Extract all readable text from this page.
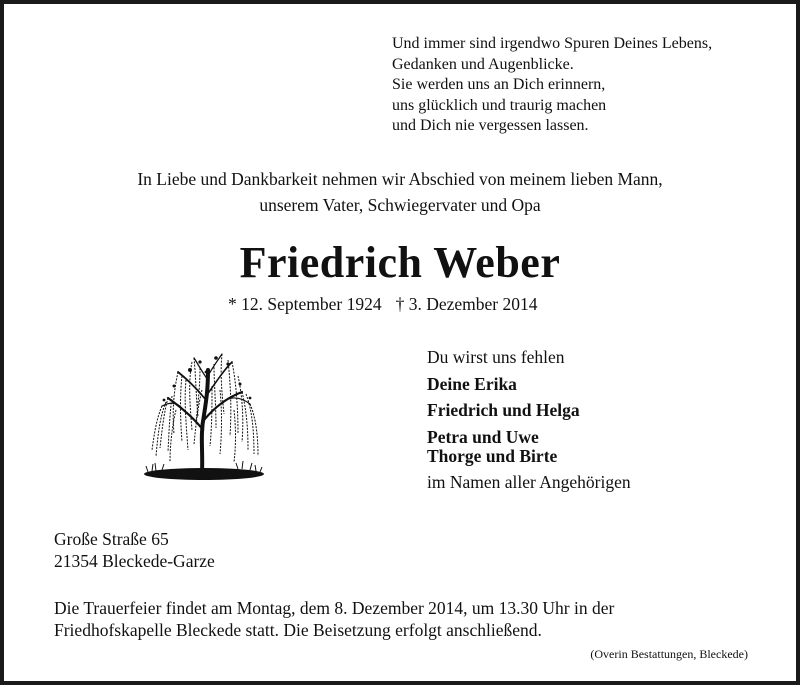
Und immer sind irgendwo Spuren Deines Lebens,
Gedanken und Augenblicke.
Sie werden uns an Dich erinnern,
uns glücklich und traurig machen
und Dich nie vergessen lassen.
In Liebe und Dankbarkeit nehmen wir Abschied von meinem lieben Mann,
unserem Vater, Schwiegervater und Opa
Friedrich Weber
* 12. September 1924 † 3. Dezember 2014
Du wirst uns fehlen
Deine Erika
Friedrich und Helga
Petra und Uwe
Thorge und Birte
im Namen aller Angehörigen
Große Straße 65
21354 Bleckede-Garze
Die Trauerfeier findet am Montag, dem 8. Dezember 2014, um 13.30 Uhr in der
Friedhofskapelle Bleckede statt. Die Beisetzung erfolgt anschließend.
(Overin Bestattungen, Bleckede)
